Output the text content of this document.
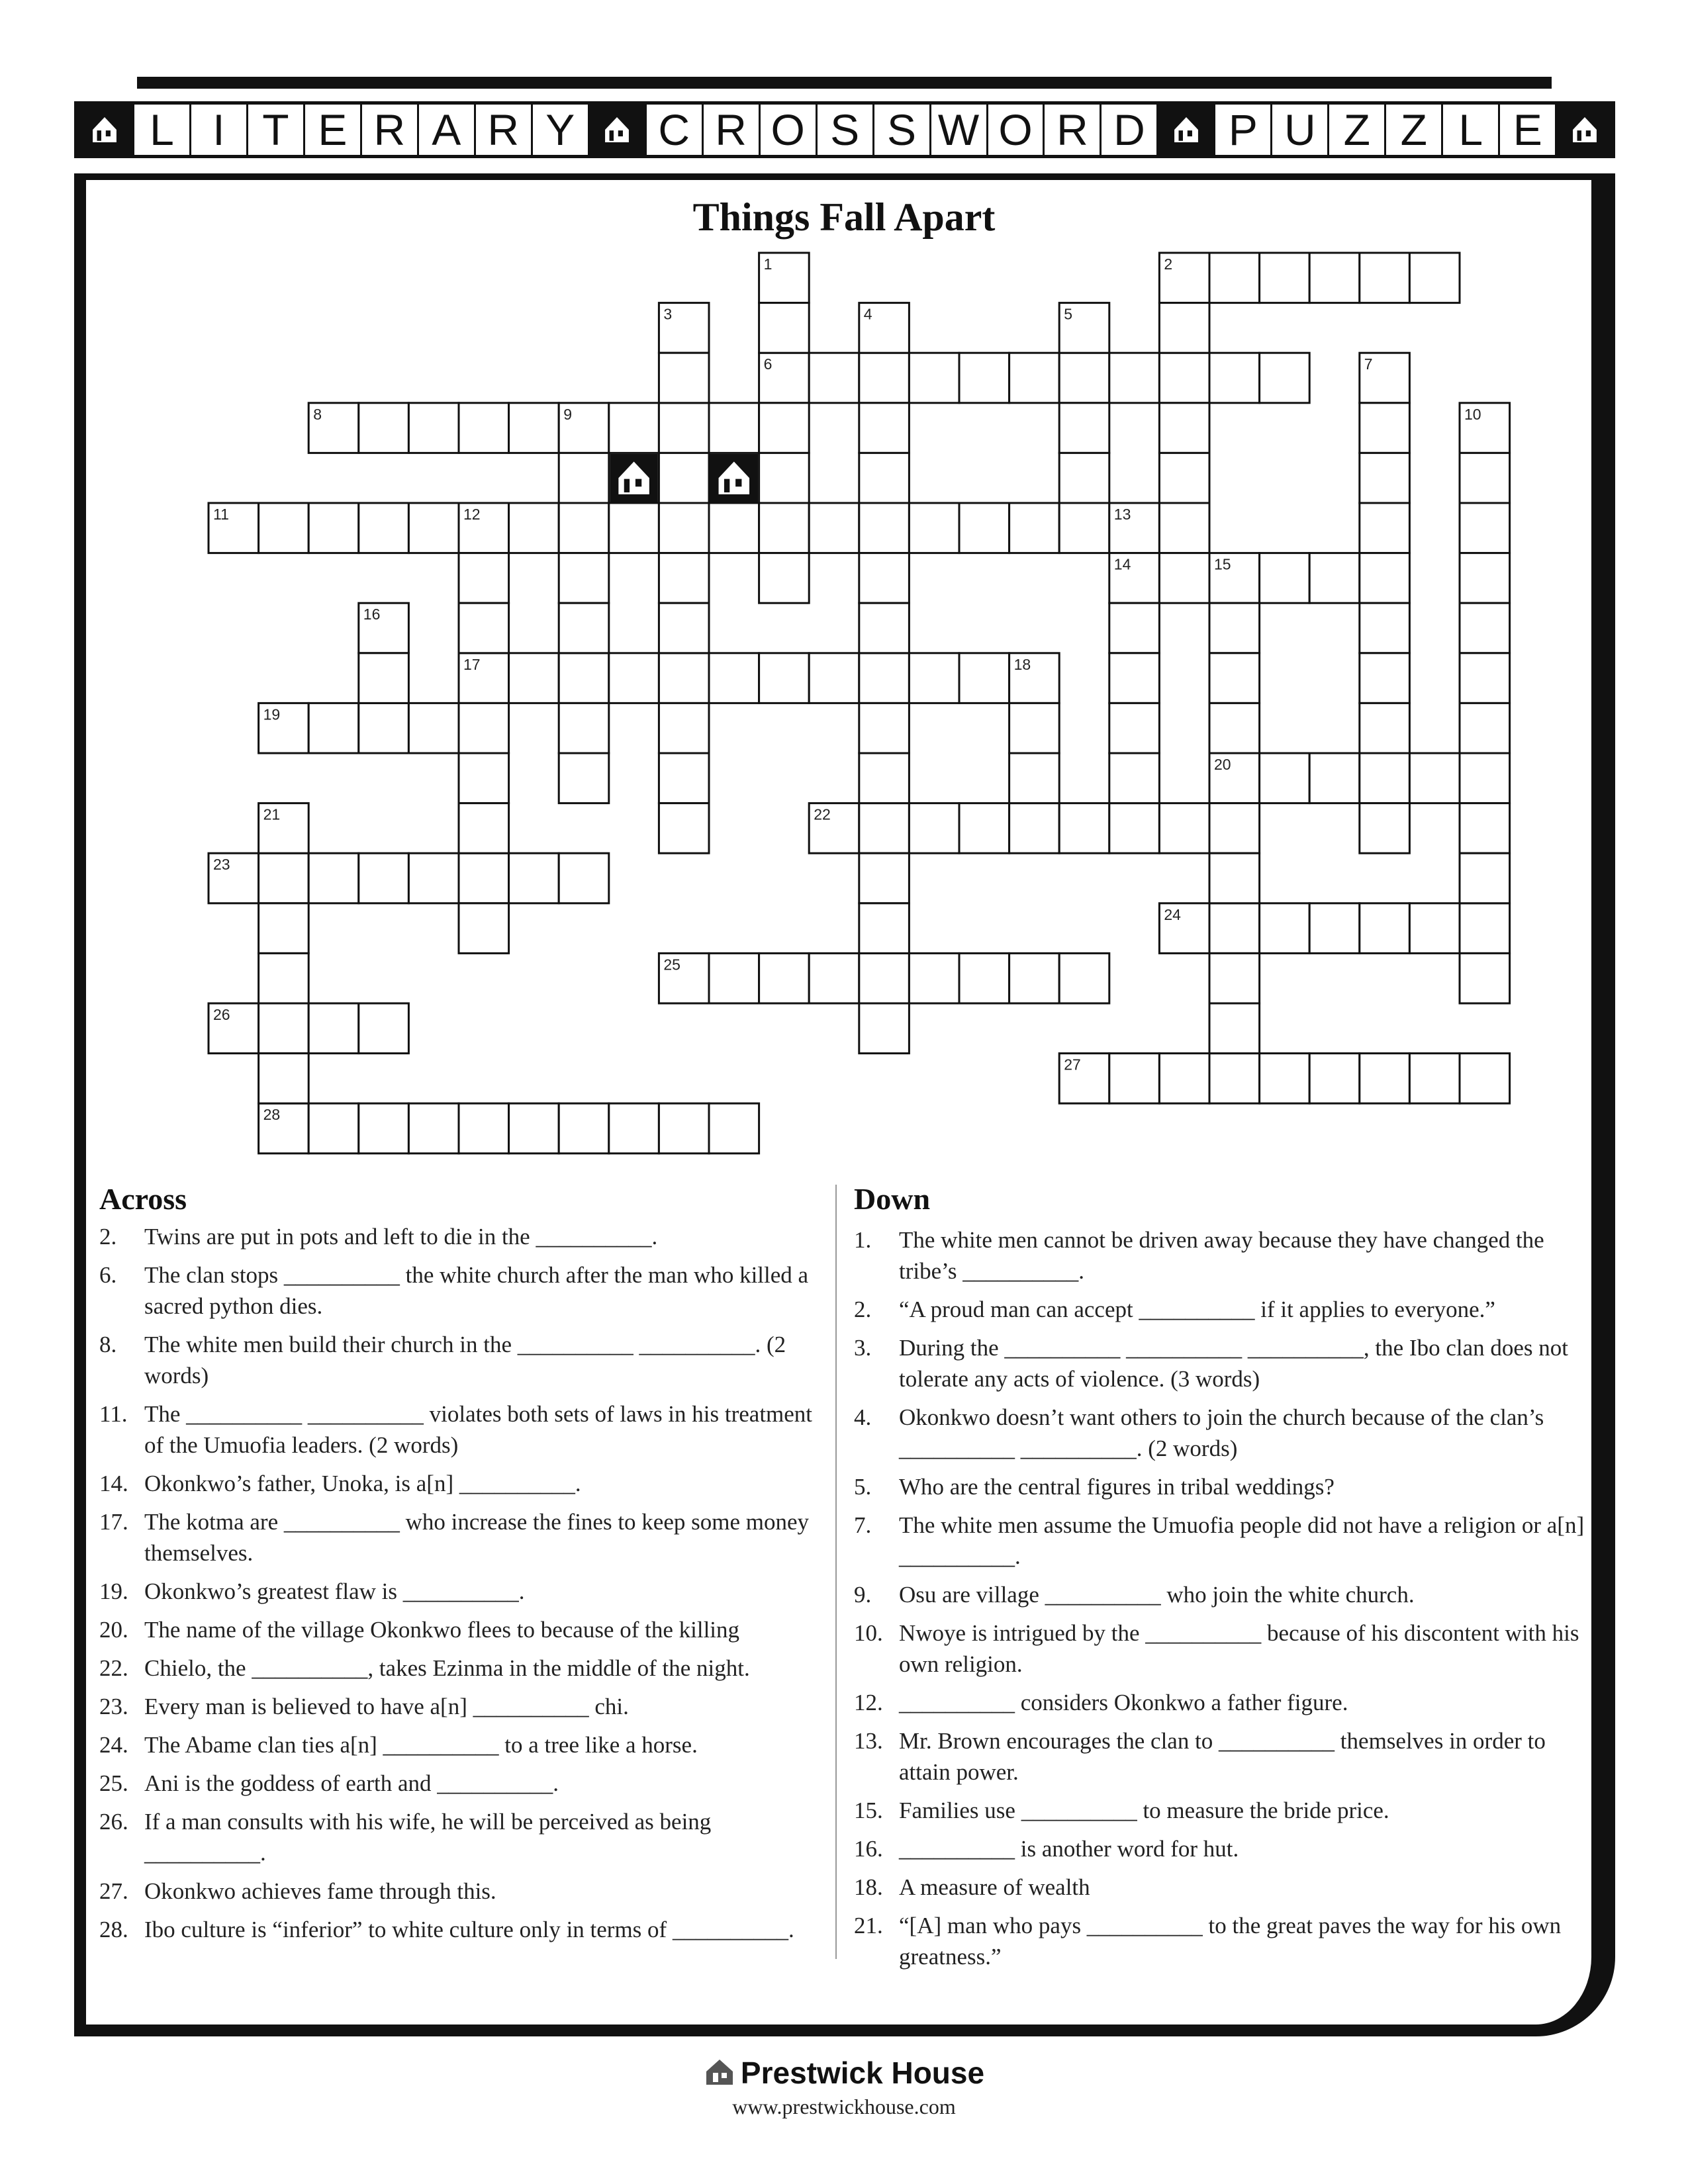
L I T E R A R Y	C R O S S W O R D	P U Z Z L E
Things Fall Apart
1	2
3	4	5
6	7
8	9	10
11	12	13
14	15
16
17	18
19
20
21	22
23
24
25
26
27
28
Across
2.	Twins are put in pots and left to die in the __________.
6.	The clan stops __________ the white church after the man who killed a sacred python dies.
8.	The white men build their church in the __________ __________. (2 words)
11. The __________ __________ violates both sets of laws in his treatment of the Umuofia leaders. (2 words)
14. Okonkwo’s father, Unoka, is a[n] __________.
17. The kotma are __________ who increase the fines to keep some money themselves.
19. Okonkwo’s greatest flaw is __________.
20. The name of the village Okonkwo flees to because of the killing
22. Chielo, the __________, takes Ezinma in the middle of the night.
23. Every man is believed to have a[n] __________ chi.
24. The Abame clan ties a[n] __________ to a tree like a horse.
25. Ani is the goddess of earth and __________.
26. If a man consults with his wife, he will be perceived as being __________.
27. Okonkwo achieves fame through this.
28. Ibo culture is “inferior” to white culture only in terms of __________.
Down
1.	The white men cannot be driven away because they have changed the tribe’s __________.
2.	“A proud man can accept __________ if it applies to everyone.”
3.	During the __________ __________ __________, the Ibo clan does not tolerate any acts of violence. (3 words)
4.	Okonkwo doesn’t want others to join the church because of the clan’s __________ __________. (2 words)
5.	Who are the central figures in tribal weddings?
7.	The white men assume the Umuofia people did not have a religion or a[n] __________.
9.	Osu are village __________ who join the white church.
10. Nwoye is intrigued by the __________ because of his discontent with his own religion.
12. __________ considers Okonkwo a father figure.
13. Mr. Brown encourages the clan to __________ themselves in order to attain power.
15. Families use __________ to measure the bride price.
16. __________ is another word for hut.
18. A measure of wealth
21. “[A] man who pays __________ to the great paves the way for his own greatness.”
Prestwick House
www.prestwickhouse.com
